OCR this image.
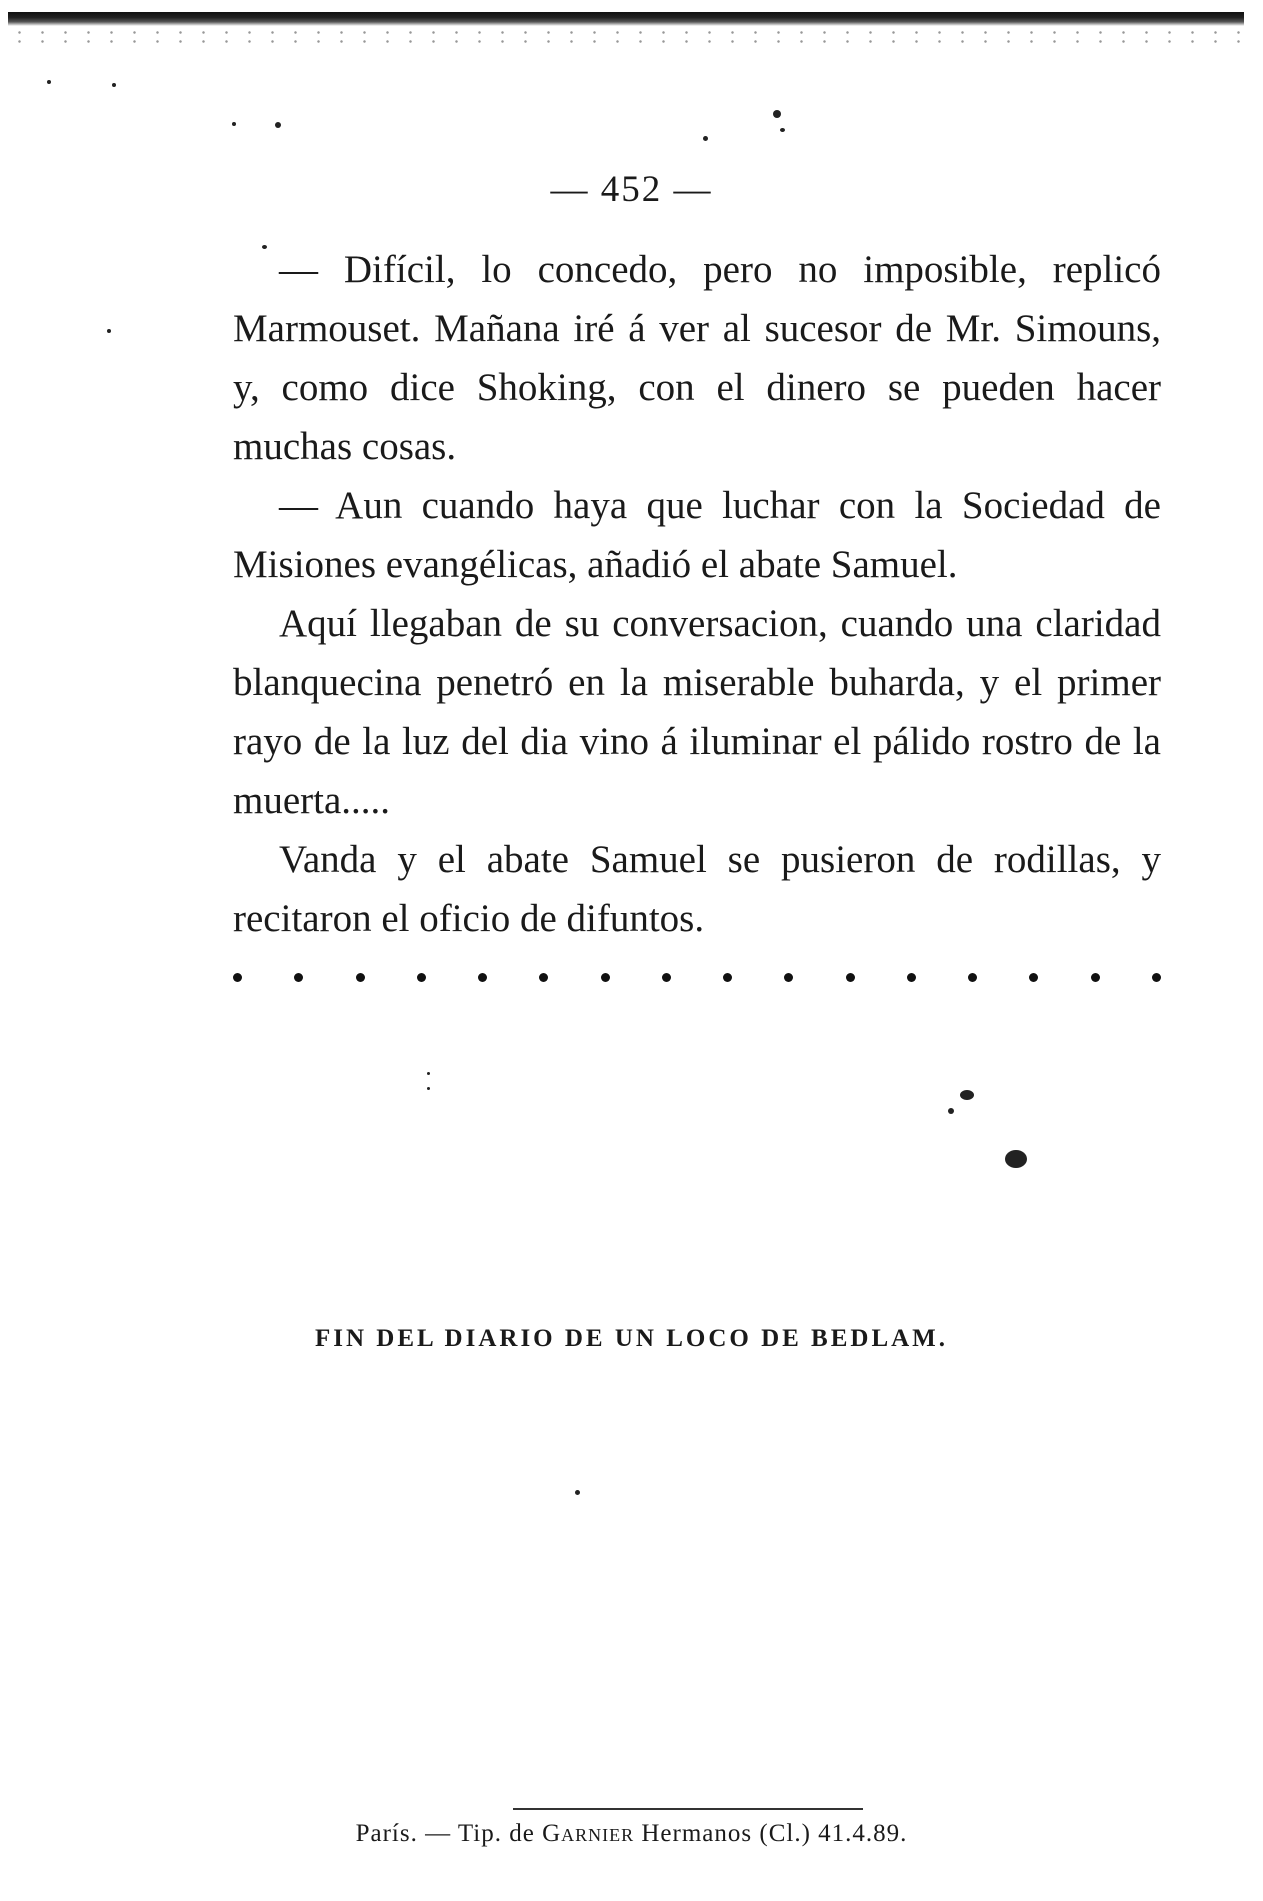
— 452 —

— Difícil, lo concedo, pero no imposible, replicó Marmouset. Mañana iré á ver al sucesor de Mr. Simouns, y, como dice Shoking, con el dinero se pueden hacer muchas cosas.

— Aun cuando haya que luchar con la Sociedad de Misiones evangélicas, añadió el abate Samuel.

Aquí llegaban de su conversacion, cuando una claridad blanquecina penetró en la miserable buharda, y el primer rayo de la luz del dia vino á iluminar el pálido rostro de la muerta.....

Vanda y el abate Samuel se pusieron de rodillas, y recitaron el oficio de difuntos.

FIN DEL DIARIO DE UN LOCO DE BEDLAM.
París. — Tip. de Garnier Hermanos (Cl.) 41.4.89.
